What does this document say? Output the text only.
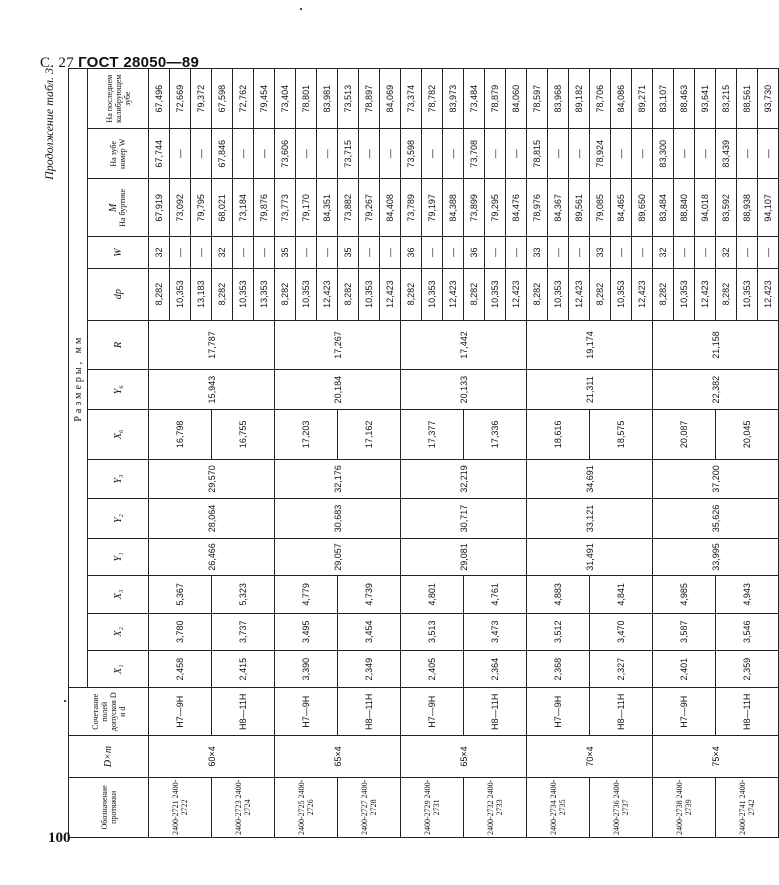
С. 27 ГОСТ 28050—89
Продолжение табл. 3
Обозначение протяжки	D×m	Сочетание полей допусков D и d	Размеры, мм													
			X₁	X₂	X₃	Y₁	Y₂	Y₃	X₆	Y₆	R	dр	W	M На буртике	На зубе номер W	На последнем калибрующем зубе
2400-2721 2400-2722	60×4	H7—9H	2,458	3,780	5,367	26,466	28,064	29,570	16,798	15,943	17,787	8,282	32	67,919	67,744	67,496
												10,353	—	73,092	—	72,669
												13,183	—	79,795	—	79,372
2400-2723 2400-2724		H8—11H	2,415	3,737	5,323				16,755			8,282	32	68,021	67,846	67,598
												10,353	—	73,184	—	72,762
												13,353	—	79,876	—	79,454
2400-2725 2400-2726	65×4	H7—9H	3,390	3,495	4,779	29,057	30,683	32,176	17,203	20,184	17,267	8,282	35	73,773	73,606	73,404
												10,353	—	79,170	—	78,801
												12,423	—	84,351	—	83,981
2400-2727 2400-2728		H8—11H	2,349	3,454	4,739				17,162			8,282	35	73,882	73,715	73,513
												10,353	—	79,267	—	78,897
												12,423	—	84,408	—	84,069
2400-2729 2400-2731	65×4	H7—9H	2,405	3,513	4,801	29,081	30,717	32,219	17,377	20,133	17,442	8,282	36	73,789	73,598	73,374
												10,353	—	79,197	—	78,782
												12,423	—	84,388	—	83,973
2400-2732 2400-2733		H8—11H	2,364	3,473	4,761				17,336			8,282	36	73,899	73,708	73,484
												10,353	—	79,295	—	78,879
												12,423	—	84,476	—	84,060
2400-2734 2400-2735	70×4	H7—9H	2,368	3,512	4,883	31,491	33,121	34,691	18,616	21,311	19,174	8,282	33	78,976	78,815	78,597
												10,353	—	84,367	—	83,968
												12,423	—	89,561	—	89,182
2400-2736 2400-2737		H8—11H	2,327	3,470	4,841				18,575			8,282	33	79,085	78,924	78,706
												10,353	—	84,465	—	84,086
												12,423	—	89,650	—	89,271
2400-2738 2400-2739	75×4	H7—9H	2,401	3,587	4,985	33,995	35,626	37,200	20,087	22,382	21,158	8,282	32	83,484	83,300	83,107
												10,353	—	88,840	—	88,463
												12,423	—	94,018	—	93,641
2400-2741 2400-2742		H8—11H	2,359	3,546	4,943				20,045			8,282	32	83,592	83,439	83,215
												10,353	—	88,938	—	88,561
												12,423	—	94,107	—	93,730
100
